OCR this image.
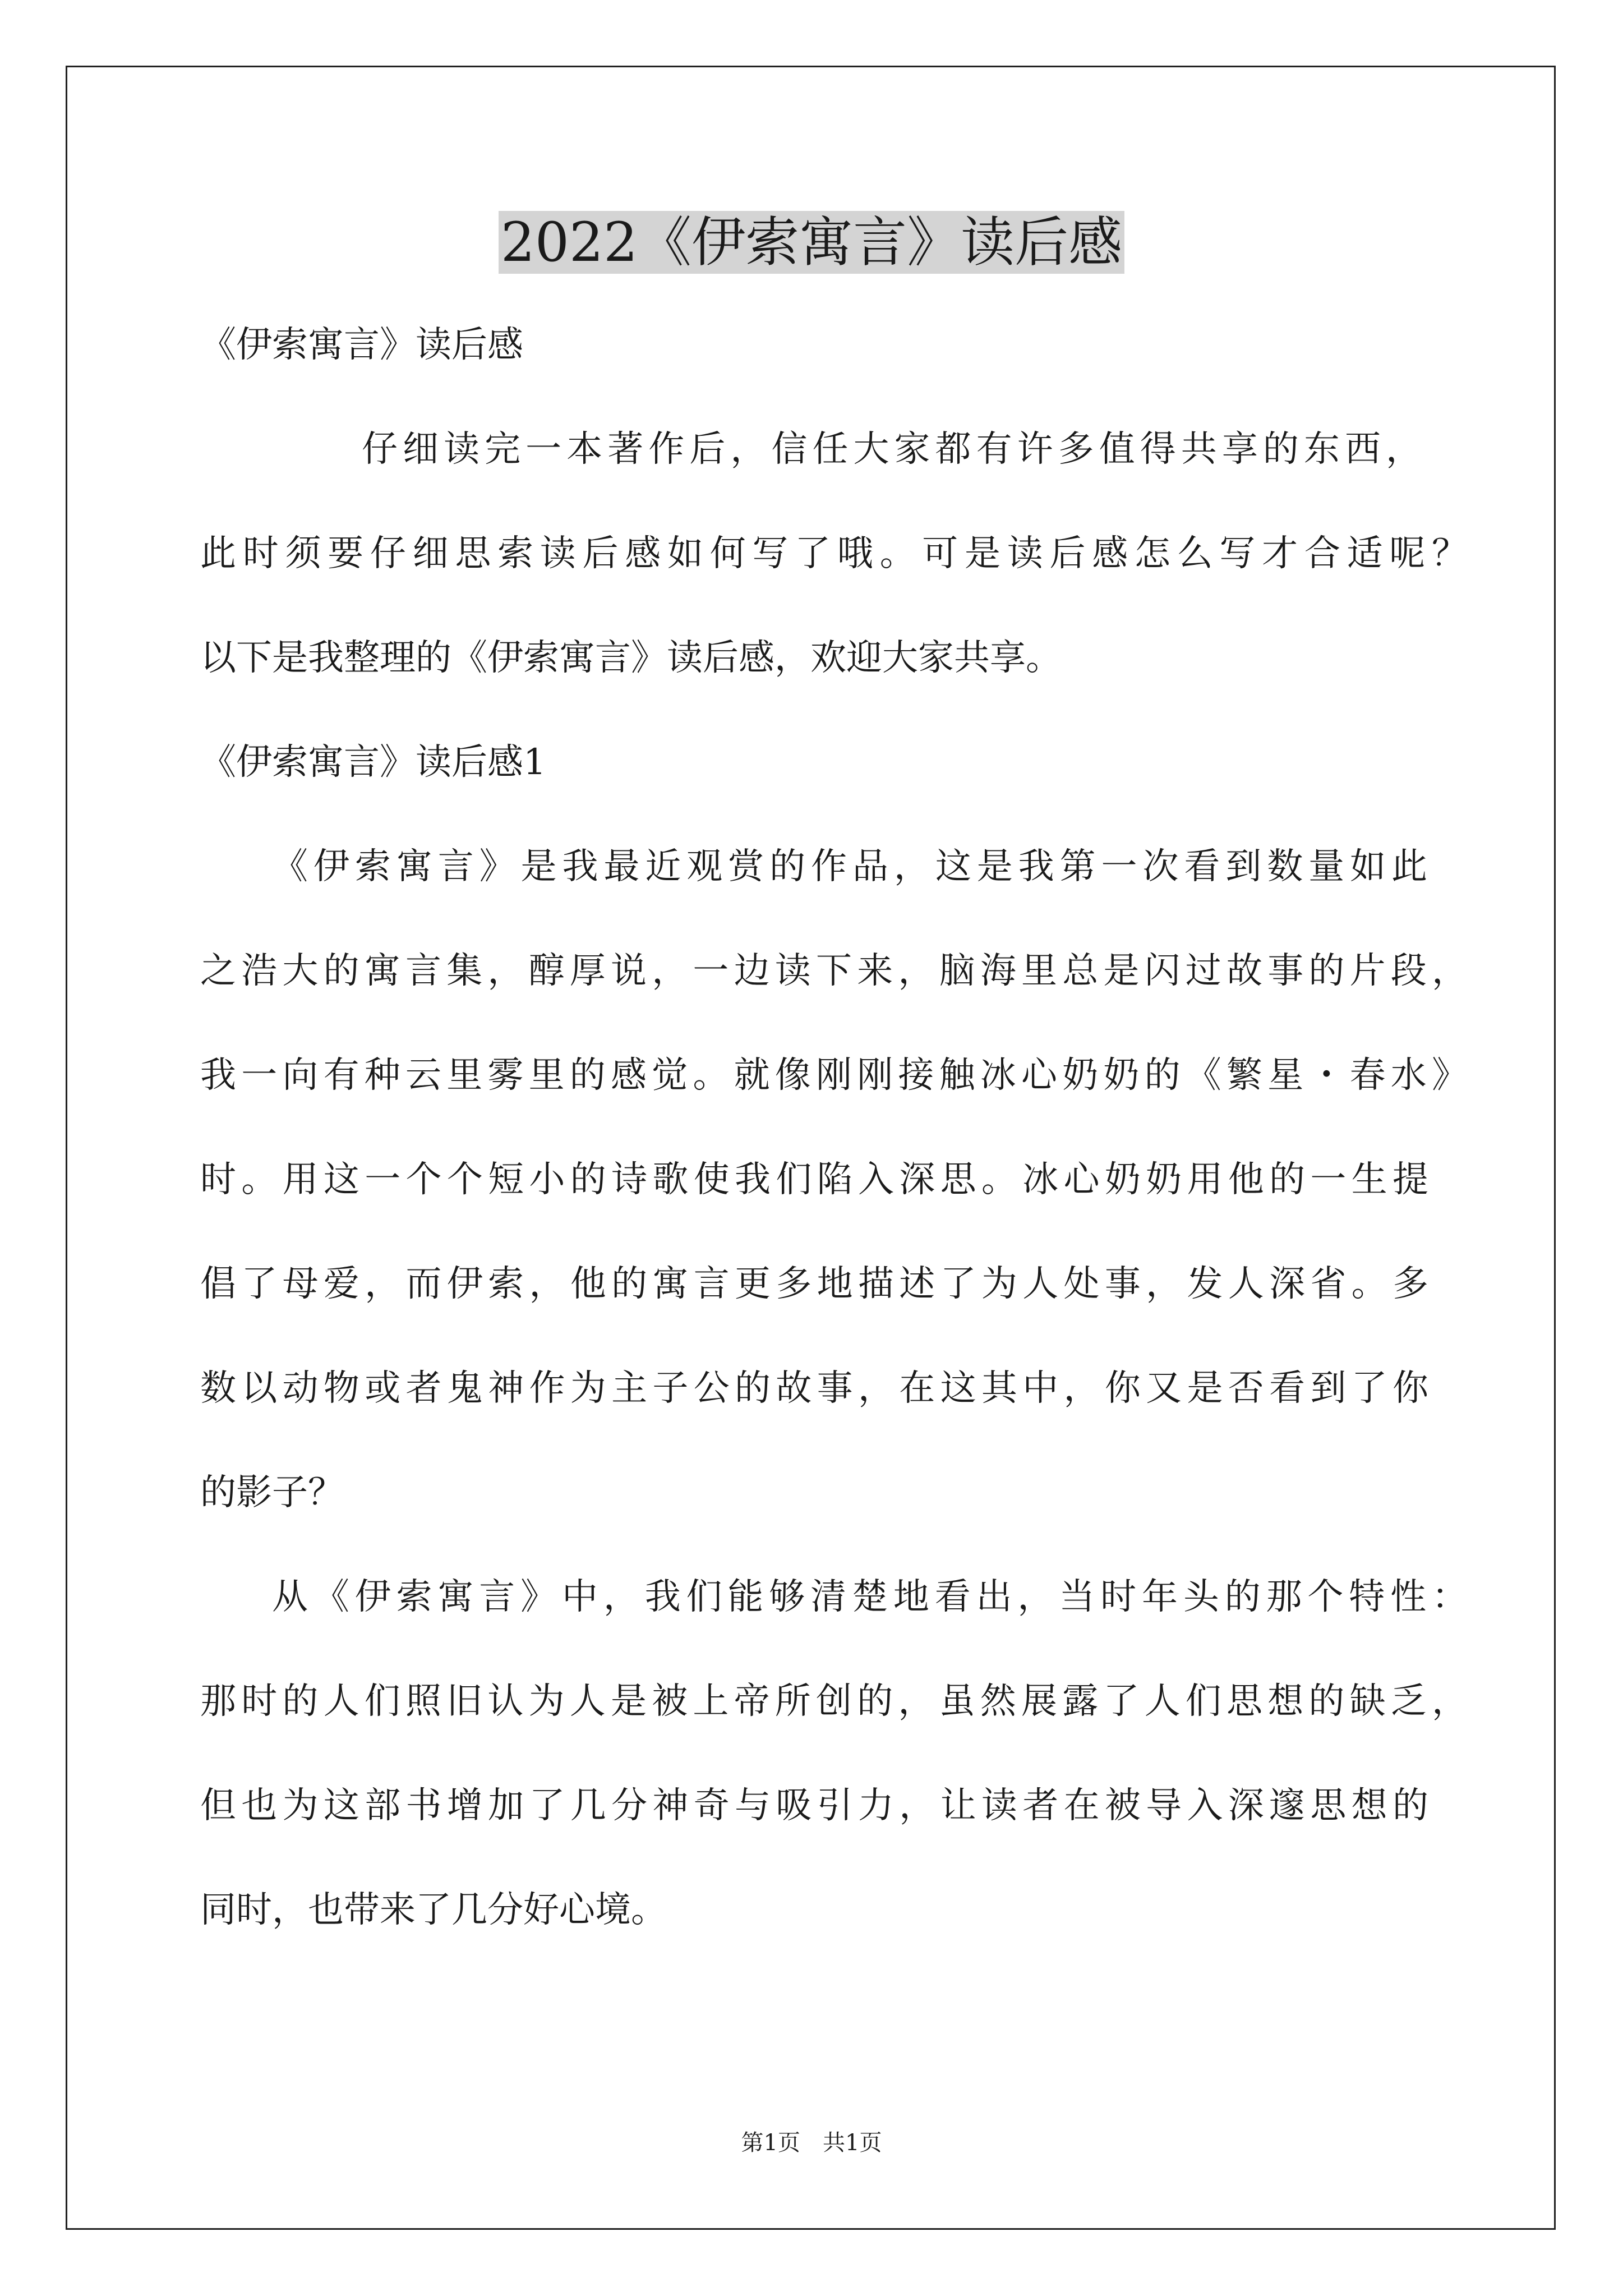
2022《伊索寓言》读后感

《伊索寓言》读后感

仔细读完一本著作后，信任大家都有许多值得共享的东西，

此时须要仔细思索读后感如何写了哦。可是读后感怎么写才合适呢？

以下是我整理的《伊索寓言》读后感，欢迎大家共享。

《伊索寓言》读后感1

《伊索寓言》是我最近观赏的作品，这是我第一次看到数量如此

之浩大的寓言集，醇厚说，一边读下来，脑海里总是闪过故事的片段，

我一向有种云里雾里的感觉。就像刚刚接触冰心奶奶的《繁星・春水》

时。用这一个个短小的诗歌使我们陷入深思。冰心奶奶用他的一生提

倡了母爱，而伊索，他的寓言更多地描述了为人处事，发人深省。多

数以动物或者鬼神作为主子公的故事，在这其中，你又是否看到了你

的影子？

从《伊索寓言》中，我们能够清楚地看出，当时年头的那个特性：

那时的人们照旧认为人是被上帝所创的，虽然展露了人们思想的缺乏，

但也为这部书增加了几分神奇与吸引力，让读者在被导入深邃思想的

同时，也带来了几分好心境。

第1页 共1页
